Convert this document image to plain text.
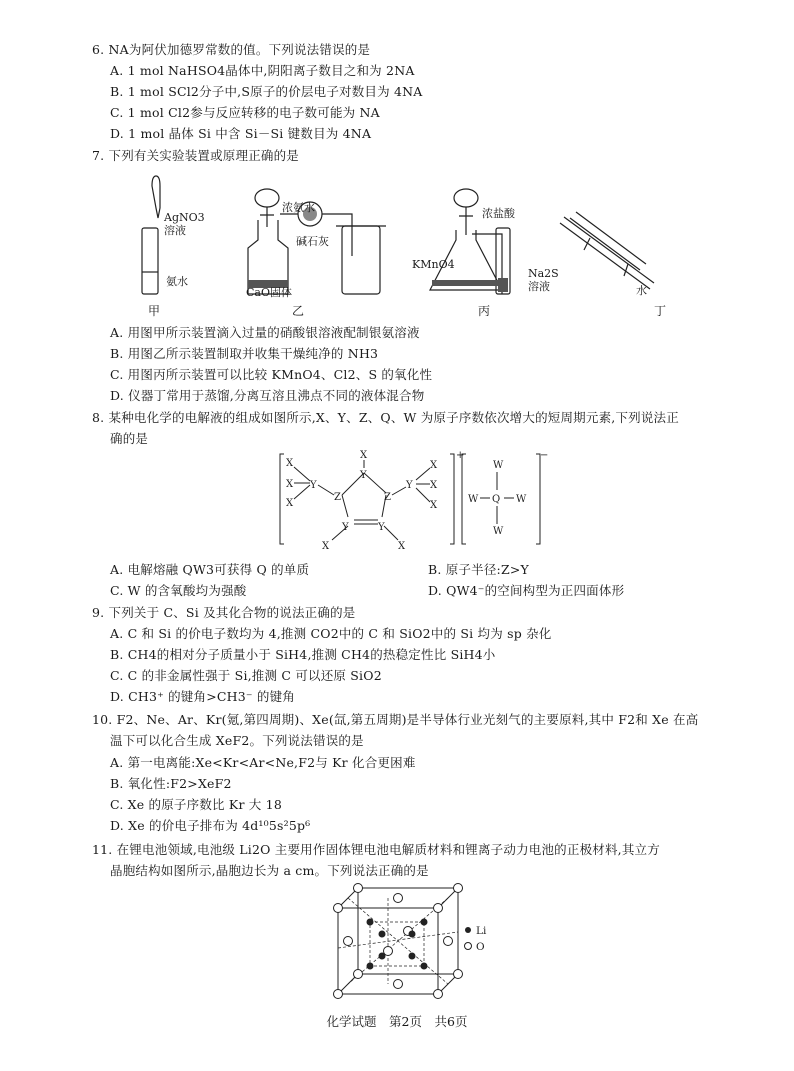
6. NA为阿伏加德罗常数的值。下列说法错误的是
A. 1 mol NaHSO4晶体中,阴阳离子数目之和为 2NA
B. 1 mol SCl2分子中,S原子的价层电子对数目为 4NA
C. 1 mol Cl2参与反应转移的电子数可能为 NA
D. 1 mol 晶体 Si 中含 Si－Si 键数目为 4NA
7. 下列有关实验装置或原理正确的是
AgNO3
溶液
氨水
浓氨水
碱石灰
CaO固体
浓盐酸
KMnO4
Na2S
溶液	水
甲	乙	丙	丁
A. 用图甲所示装置滴入过量的硝酸银溶液配制银氨溶液
B. 用图乙所示装置制取并收集干燥纯净的 NH3
C. 用图丙所示装置可以比较 KMnO4、Cl2、S 的氧化性
D. 仪器丁常用于蒸馏,分离互溶且沸点不同的液体混合物
8. 某种电化学的电解液的组成如图所示,X、Y、Z、Q、W 为原子序数依次增大的短周期元素,下列说法正
确的是
X
X
X
Y
X
Y
Z	Z
Y
X
X
X
Y	Y
X	X
+
W
W Q W
W
−
A. 电解熔融 QW3可获得 Q 的单质	B. 原子半径:Z>Y
C. W 的含氧酸均为强酸	D. QW4⁻的空间构型为正四面体形
9. 下列关于 C、Si 及其化合物的说法正确的是
A. C 和 Si 的价电子数均为 4,推测 CO2中的 C 和 SiO2中的 Si 均为 sp 杂化
B. CH4的相对分子质量小于 SiH4,推测 CH4的热稳定性比 SiH4小
C. C 的非金属性强于 Si,推测 C 可以还原 SiO2
D. CH3⁺ 的键角>CH3⁻ 的键角
10. F2、Ne、Ar、Kr(氪,第四周期)、Xe(氙,第五周期)是半导体行业光刻气的主要原料,其中 F2和 Xe 在高
温下可以化合生成 XeF2。下列说法错误的是
A. 第一电离能:Xe<Kr<Ar<Ne,F2与 Kr 化合更困难
B. 氧化性:F2>XeF2
C. Xe 的原子序数比 Kr 大 18
D. Xe 的价电子排布为 4d¹⁰5s²5p⁶
11. 在锂电池领域,电池级 Li2O 主要用作固体锂电池电解质材料和锂离子动力电池的正极材料,其立方
晶胞结构如图所示,晶胞边长为 a cm。下列说法正确的是
Li
O
化学试题　第2页　共6页
